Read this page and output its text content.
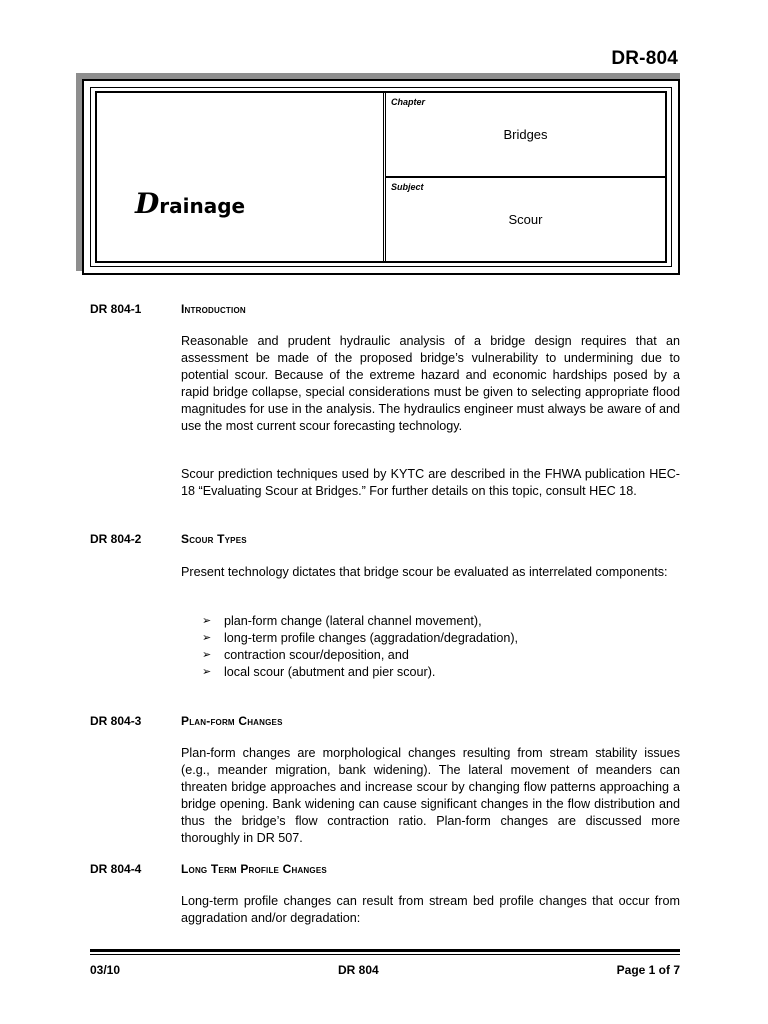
DR-804
Drainage
Chapter
Bridges
Subject
Scour
DR 804-1	Introduction
Reasonable and prudent hydraulic analysis of a bridge design requires that an assessment be made of the proposed bridge’s vulnerability to undermining due to potential scour. Because of the extreme hazard and economic hardships posed by a rapid bridge collapse, special considerations must be given to selecting appropriate flood magnitudes for use in the analysis. The hydraulics engineer must always be aware of and use the most current scour forecasting technology.
Scour prediction techniques used by KYTC are described in the FHWA publication HEC-18 “Evaluating Scour at Bridges.” For further details on this topic, consult HEC 18.
DR 804-2	Scour Types
Present technology dictates that bridge scour be evaluated as interrelated components:
➢ plan-form change (lateral channel movement),
➢ long-term profile changes (aggradation/degradation),
➢ contraction scour/deposition, and
➢ local scour (abutment and pier scour).
DR 804-3	Plan-form Changes
Plan-form changes are morphological changes resulting from stream stability issues (e.g., meander migration, bank widening). The lateral movement of meanders can threaten bridge approaches and increase scour by changing flow patterns approaching a bridge opening. Bank widening can cause significant changes in the flow distribution and thus the bridge’s flow contraction ratio. Plan-form changes are discussed more thoroughly in DR 507.
DR 804-4	Long Term Profile Changes
Long-term profile changes can result from stream bed profile changes that occur from aggradation and/or degradation:
03/10	DR 804	Page 1 of 7
